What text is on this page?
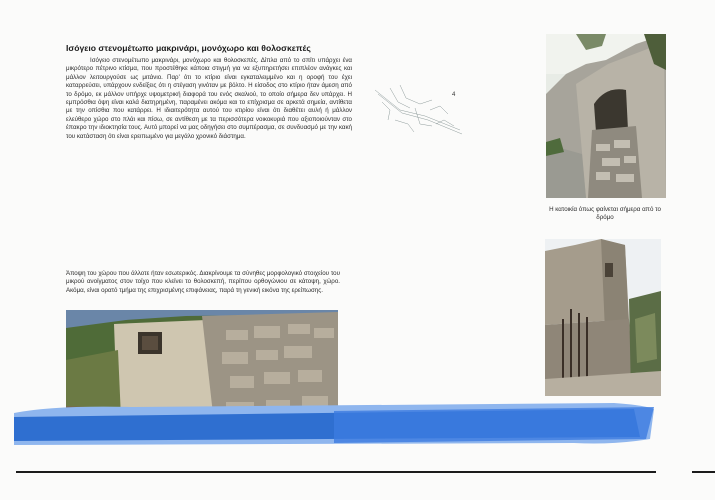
Ισόγειο στενομέτωπο μακρινάρι, μονόχωρο και θολοσκεπές

Ισόγειο στενομέτωπο μακρινάρι, μονόχωρο και θολοσκεπές. Δίπλα από το σπίτι υπάρχει ένα μικρότερο πέτρινο κτίσμα, που προστέθηκε κάποια στιγμή για να εξυπηρετήσει επιπλέον ανάγκες και μάλλον λειτουργούσε ως μιτάνιο. Παρ' ότι το κτίριο είναι εγκαταλειμμένο και η οροφή του έχει καταρρεύσει, υπάρχουν ενδείξεις ότι η στέγαση γινόταν με βόλτο. Η είσοδος στο κτίριο ήταν άμεση από το δρόμο, εκ μάλλον υπήρχε υψομετρική διαφορά του ενός σκαλιού, το οποίο σήμερα δεν υπάρχει. Η εμπρόσθια όψη είναι καλά διατηρημένη, παραμένει ακόμα και το επίχρισμα σε αρκετά σημεία, αντίθετα με την οπίσθια που κατάρρει. Η ιδιαιτερότητα αυτού του κτιρίου είναι ότι διαθέτει αυλή ή μάλλον ελεύθερο χώρο στο πλάι και πίσω, σε αντίθεση με τα περισσότερα νοικοκυριά που αξιοποιούνταν στο έπακρο την ιδιοκτησία τους. Αυτό μπορεί να μας οδηγήσει στο συμπέρασμα, σε συνδυασμό με την κακή του κατάσταση ότι είναι ερειπωμένο για μεγάλο χρονικό διάστημα.

4
Η κατοικία όπως φαίνεται σήμερα από το δρόμο

Άποψη του χώρου που άλλοτε ήταν εσωτερικός. Διακρίνουμε τα σύνηθες μορφολογικό στοιχείου του μικρού ανοίγματος στον τοίχο που κλείνει το θολοσκεπή, περίπου ορθογώνιου σε κάτοψη, χώρο. Ακόμα, είναι ορατό τμήμα της επιχρισμένης επιφάνειας, παρά τη γενική εικόνα της ερείπωσης.
